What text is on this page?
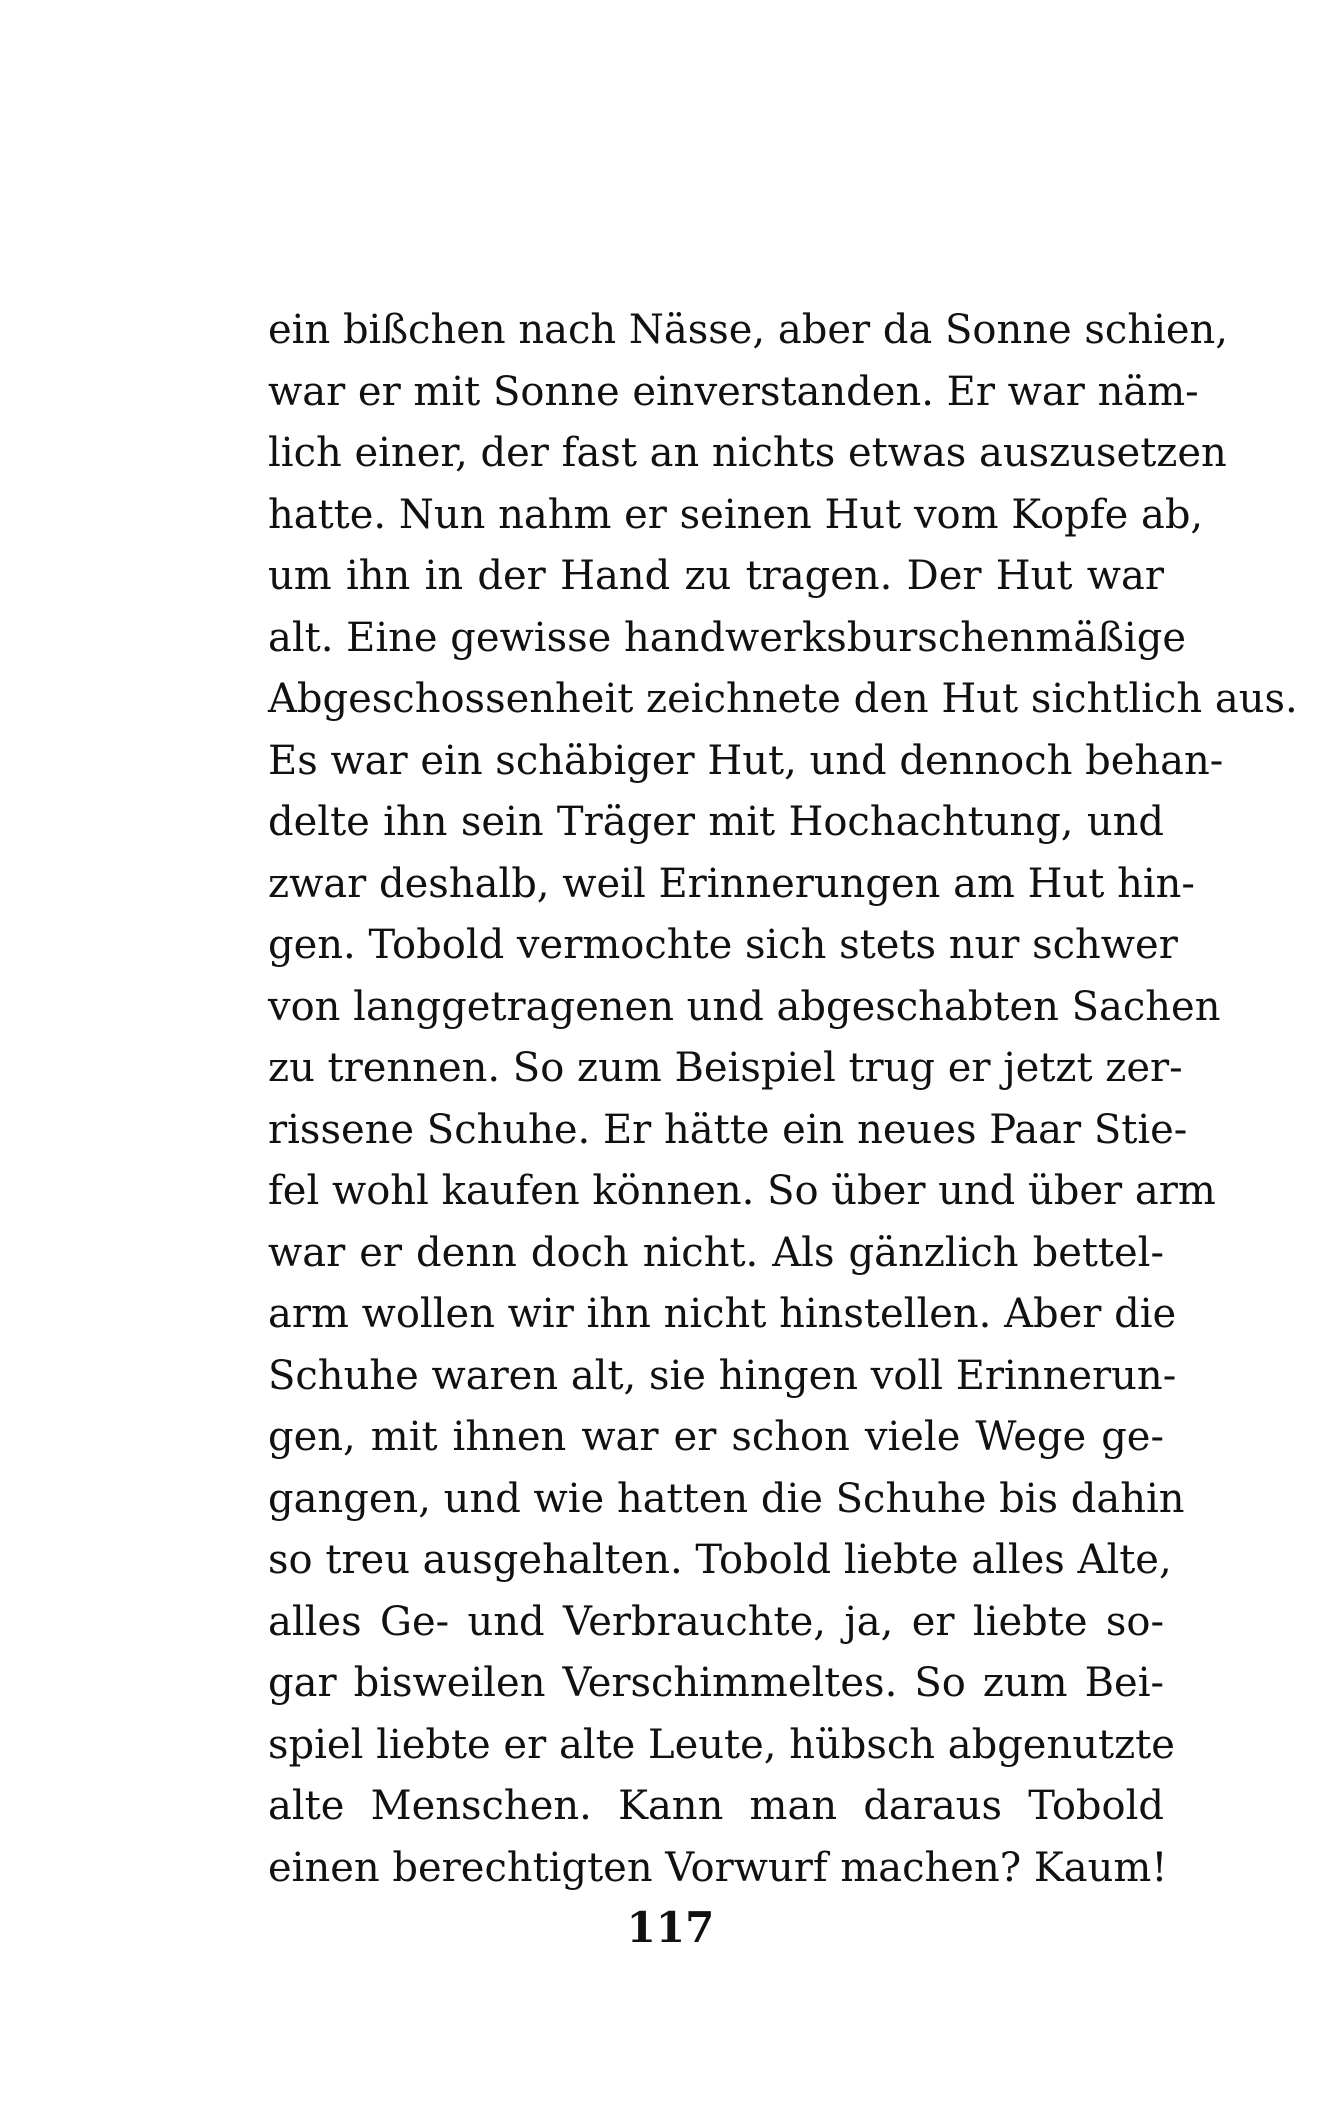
ein bißchen nach Nässe, aber da Sonne schien,
war er mit Sonne einverstanden. Er war näm-
lich einer, der fast an nichts etwas auszusetzen
hatte. Nun nahm er seinen Hut vom Kopfe ab,
um ihn in der Hand zu tragen. Der Hut war
alt. Eine gewisse handwerksburschenmäßige
Abgeschossenheit zeichnete den Hut sichtlich aus.
Es war ein schäbiger Hut, und dennoch behan-
delte ihn sein Träger mit Hochachtung, und
zwar deshalb, weil Erinnerungen am Hut hin-
gen. Tobold vermochte sich stets nur schwer
von langgetragenen und abgeschabten Sachen
zu trennen. So zum Beispiel trug er jetzt zer-
rissene Schuhe. Er hätte ein neues Paar Stie-
fel wohl kaufen können. So über und über arm
war er denn doch nicht. Als gänzlich bettel-
arm wollen wir ihn nicht hinstellen. Aber die
Schuhe waren alt, sie hingen voll Erinnerun-
gen, mit ihnen war er schon viele Wege ge-
gangen, und wie hatten die Schuhe bis dahin
so treu ausgehalten. Tobold liebte alles Alte,
alles Ge- und Verbrauchte, ja, er liebte so-
gar bisweilen Verschimmeltes. So zum Bei-
spiel liebte er alte Leute, hübsch abgenutzte
alte Menschen. Kann man daraus Tobold
einen berechtigten Vorwurf machen? Kaum!
117
